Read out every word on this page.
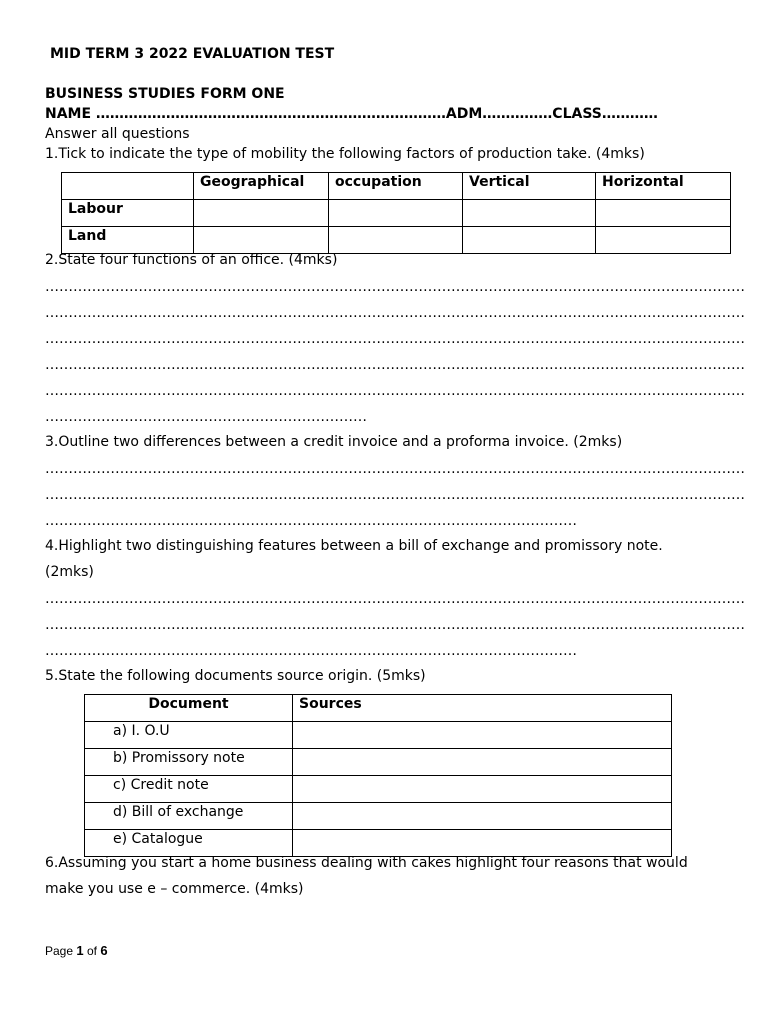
MID TERM 3 2022 EVALUATION TEST
BUSINESS STUDIES FORM ONE
NAME …………………………………………………………………ADM……………CLASS…………
Answer all questions
1.Tick to indicate the type of mobility the following factors of production take. (4mks)
	Geographical	occupation	Vertical	Horizontal
Labour				
Land				
2.State four functions of an office. (4mks)
……………………………………………………………………………………………………………………………………
……………………………………………………………………………………………………………………………………
……………………………………………………………………………………………………………………………………
……………………………………………………………………………………………………………………………………
……………………………………………………………………………………………………………………………………
……………………………………………………………
3.Outline two differences between a credit invoice and a proforma invoice. (2mks)
……………………………………………………………………………………………………………………………………
……………………………………………………………………………………………………………………………………
……………………………………………………………………………………………………
4.Highlight two distinguishing features between a bill of exchange and promissory note.
(2mks)
……………………………………………………………………………………………………………………………………
……………………………………………………………………………………………………………………………………
……………………………………………………………………………………………………
5.State the following documents source origin. (5mks)
Document	Sources
a) I. O.U	
b) Promissory note	
c) Credit note	
d) Bill of exchange	
e) Catalogue	
6.Assuming you start a home business dealing with cakes highlight four reasons that would
make you use e – commerce. (4mks)
Page 1 of 6
